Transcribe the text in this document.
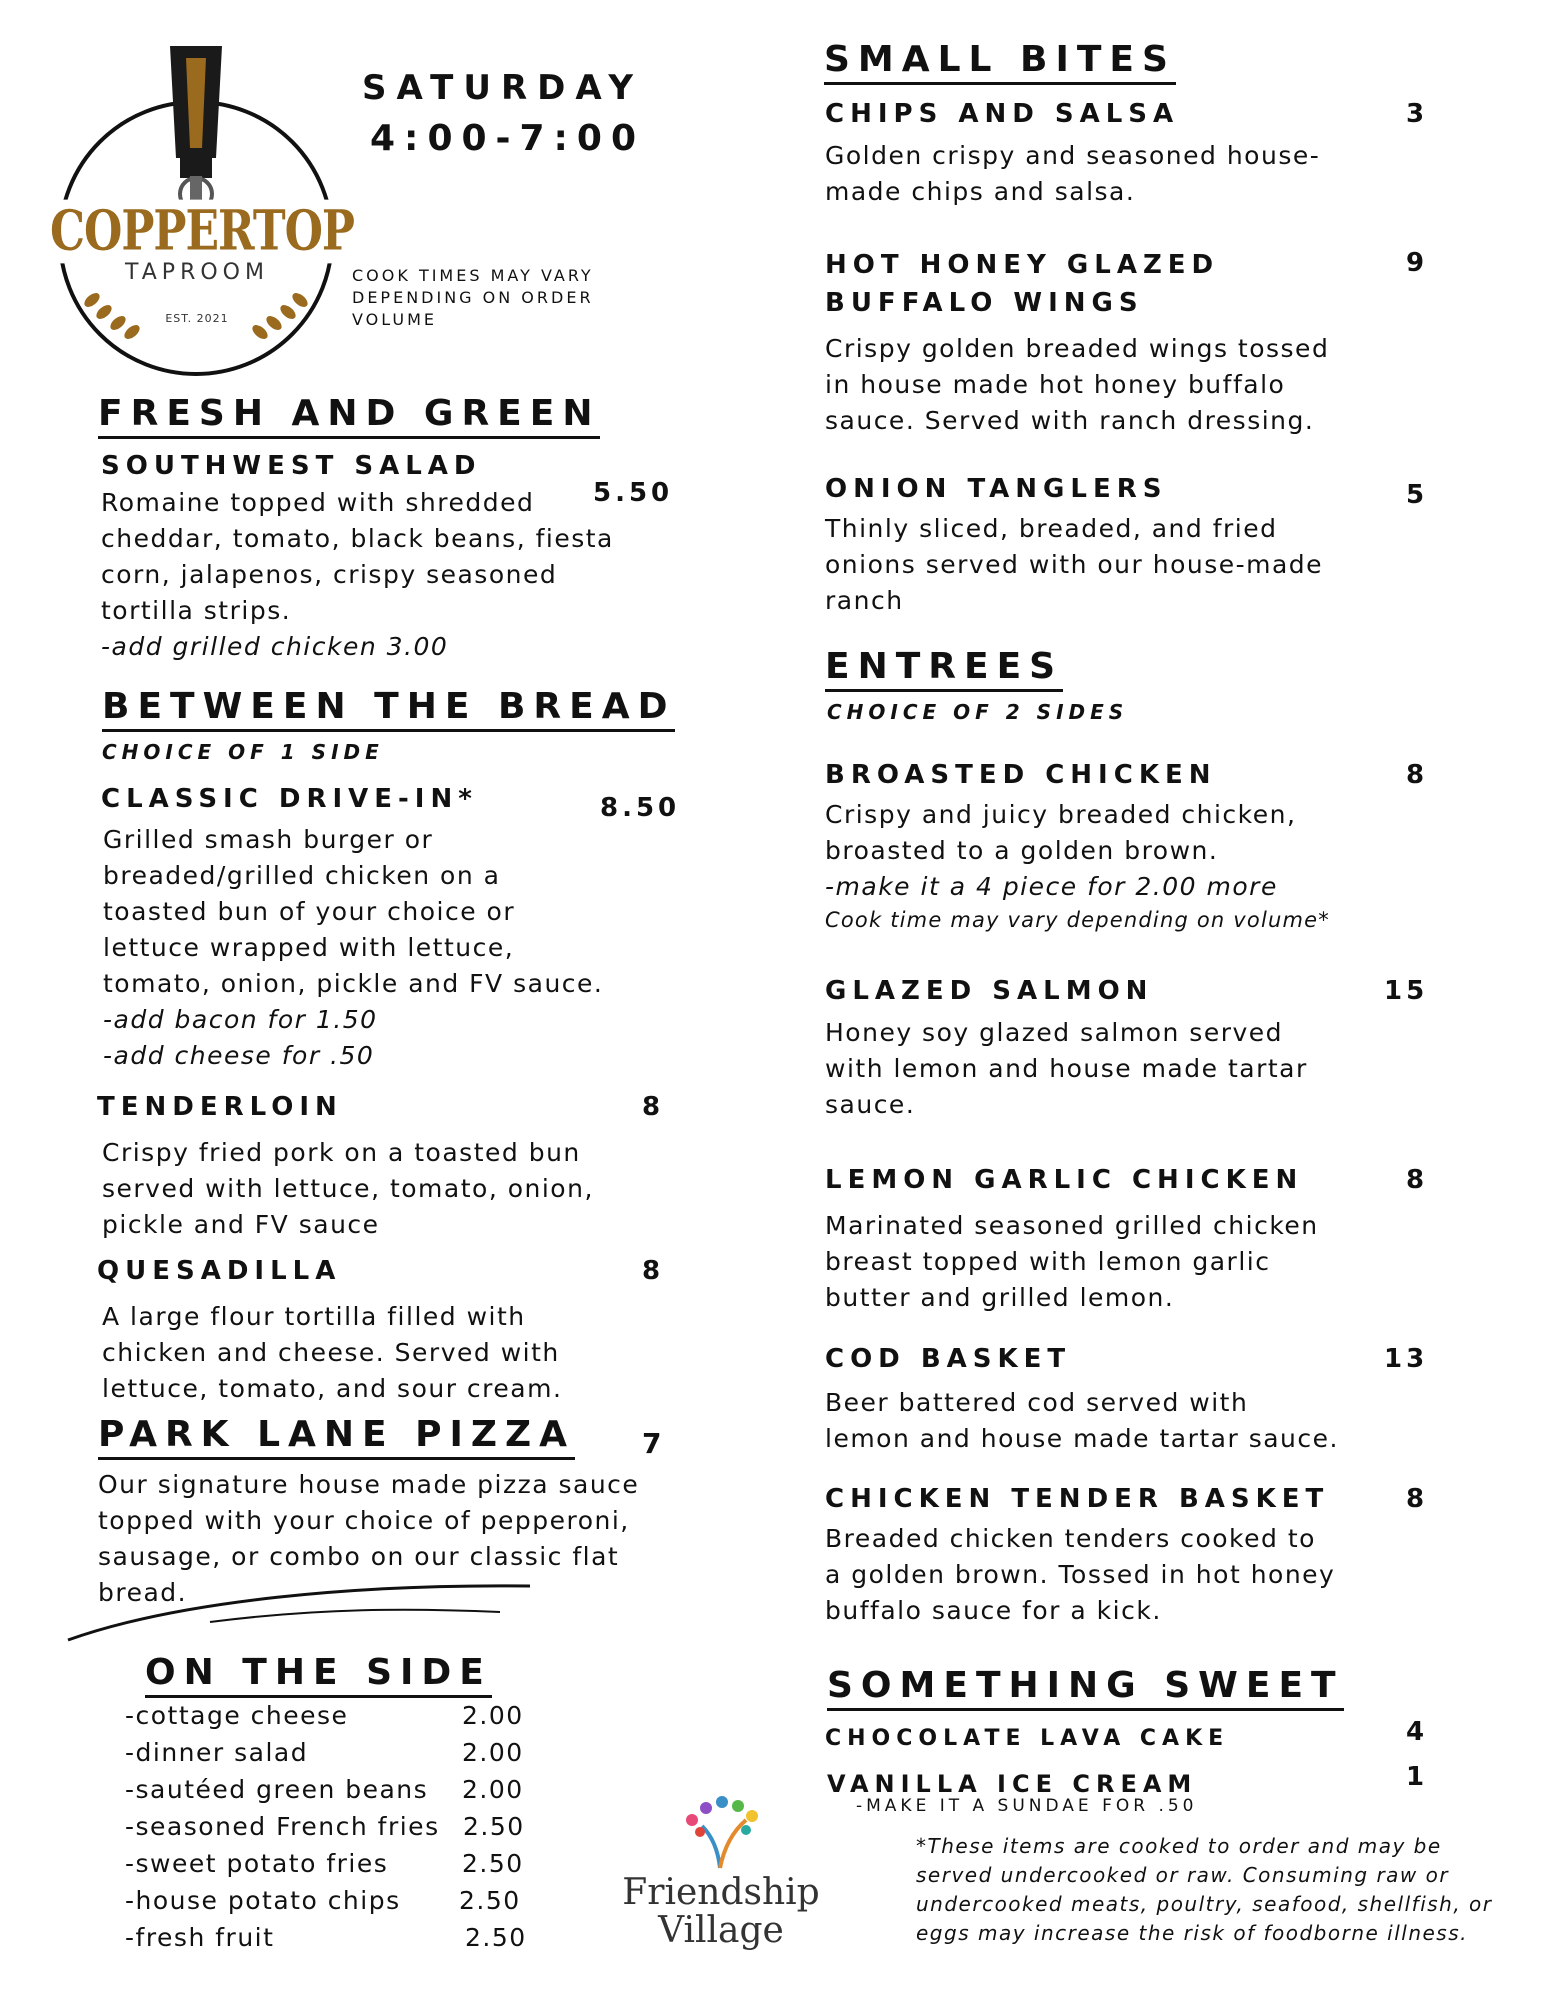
COPPERTOP
TAPROOM
EST. 2021
SATURDAY
4:00-7:00
COOK TIMES MAY VARY
DEPENDING ON ORDER
VOLUME
FRESH AND GREEN
SOUTHWEST SALAD
5.50
Romaine topped with shredded
cheddar, tomato, black beans, fiesta
corn, jalapenos, crispy seasoned
tortilla strips.
-add grilled chicken 3.00
BETWEEN THE BREAD
CHOICE OF 1 SIDE
CLASSIC DRIVE-IN*	8.50
Grilled smash burger or
breaded/grilled chicken on a
toasted bun of your choice or
lettuce wrapped with lettuce,
tomato, onion, pickle and FV sauce.
-add bacon for 1.50
-add cheese for .50
TENDERLOIN	8
Crispy fried pork on a toasted bun
served with lettuce, tomato, onion,
pickle and FV sauce
QUESADILLA	8
A large flour tortilla filled with
chicken and cheese. Served with
lettuce, tomato, and sour cream.
PARK LANE PIZZA 7
Our signature house made pizza sauce
topped with your choice of pepperoni,
sausage, or combo on our classic flat
bread.
ON THE SIDE
-cottage cheese	2.00
-dinner salad	2.00
-sautéed green beans 2.00
-seasoned French fries 2.50
-sweet potato fries	2.50
-house potato chips 2.50
-fresh fruit	2.50
SMALL BITES
CHIPS AND SALSA	3
Golden crispy and seasoned house-
made chips and salsa.
HOT HONEY GLAZED
BUFFALO WINGS
9
Crispy golden breaded wings tossed
in house made hot honey buffalo
sauce. Served with ranch dressing.
ONION TANGLERS	5
Thinly sliced, breaded, and fried
onions served with our house-made
ranch
ENTREES
CHOICE OF 2 SIDES
BROASTED CHICKEN	8
Crispy and juicy breaded chicken,
broasted to a golden brown.
-make it a 4 piece for 2.00 more
Cook time may vary depending on volume*
GLAZED SALMON	15
Honey soy glazed salmon served
with lemon and house made tartar
sauce.
LEMON GARLIC CHICKEN	8
Marinated seasoned grilled chicken
breast topped with lemon garlic
butter and grilled lemon.
COD BASKET	13
Beer battered cod served with
lemon and house made tartar sauce.
CHICKEN TENDER BASKET	8
Breaded chicken tenders cooked to
a golden brown. Tossed in hot honey
buffalo sauce for a kick.
SOMETHING SWEET
CHOCOLATE LAVA CAKE	4
VANILLA ICE CREAM	1
-MAKE IT A SUNDAE FOR .50
Friendship
Village
*These items are cooked to order and may be
served undercooked or raw. Consuming raw or
undercooked meats, poultry, seafood, shellfish, or
eggs may increase the risk of foodborne illness.
